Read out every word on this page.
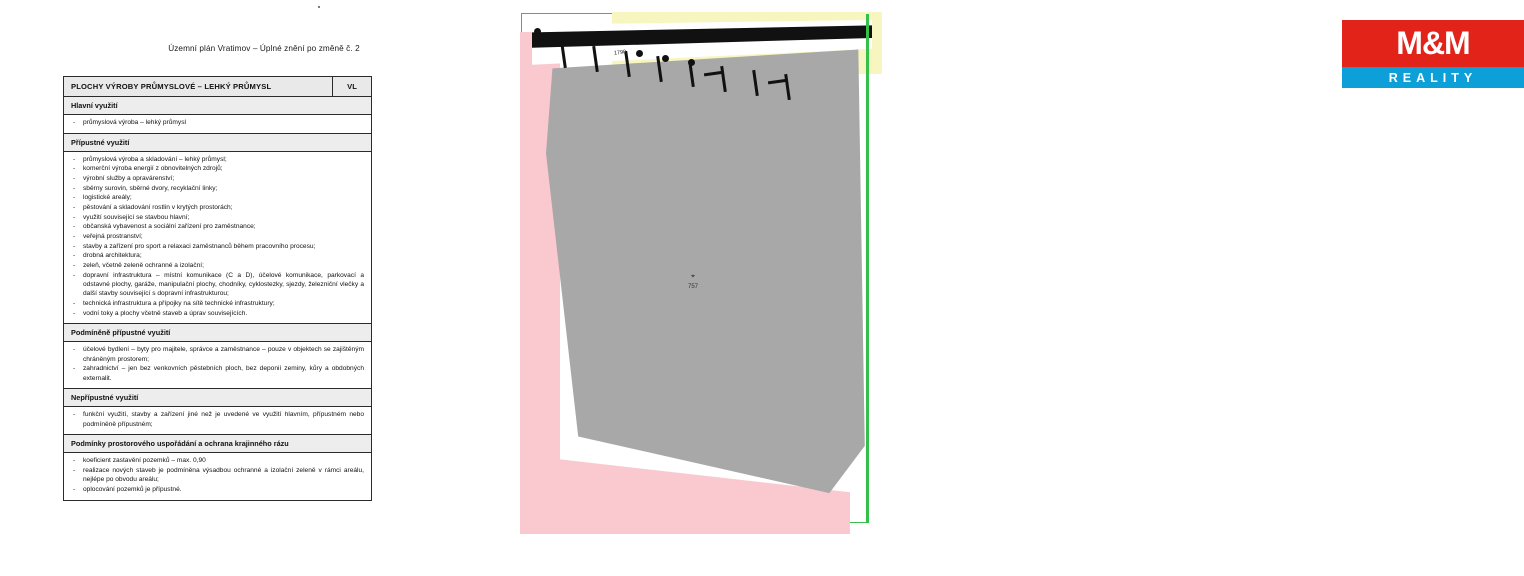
Územní plán Vratimov – Úplné znění po změně č. 2
PLOCHY VÝROBY PRŮMYSLOVÉ – LEHKÝ PRŮMYSL	VL
Hlavní využití
- průmyslová výroba – lehký průmysl
Přípustné využití
- průmyslová výroba a skladování – lehký průmysl;
- komerční výroba energií z obnovitelných zdrojů;
- výrobní služby a opravárenství;
- sběrny surovin, sběrné dvory, recyklační linky;
- logistické areály;
- pěstování a skladování rostlin v krytých prostorách;
- využití související se stavbou hlavní;
- občanská vybavenost a sociální zařízení pro zaměstnance;
- veřejná prostranství;
- stavby a zařízení pro sport a relaxaci zaměstnanců během pracovního procesu;
- drobná architektura;
- zeleň, včetně zeleně ochranné a izolační;
- dopravní infrastruktura – místní komunikace (C a D), účelové komunikace, parkovací a odstavné plochy, garáže, manipulační plochy, chodníky, cyklostezky, sjezdy, železniční vlečky a další stavby související s dopravní infrastrukturou;
- technická infrastruktura a přípojky na sítě technické infrastruktury;
- vodní toky a plochy včetně staveb a úprav souvisejících.
Podmíněně přípustné využití
- účelové bydlení – byty pro majitele, správce a zaměstnance – pouze v objektech se zajištěným chráněným prostorem;
- zahradnictví – jen bez venkovních pěstebních ploch, bez deponií zeminy, kůry a obdobných externalit.
Nepřípustné využití
- funkční využití, stavby a zařízení jiné než je uvedené ve využití hlavním, přípustném nebo podmíněně přípustném;
Podmínky prostorového uspořádání a ochrana krajinného rázu
- koeficient zastavění pozemků – max. 0,90
- realizace nových staveb je podmíněna výsadbou ochranné a izolační zeleně v rámci areálu, nejlépe po obvodu areálu;
- oplocování pozemků je přípustné.
1790
⌖
757
M&M
REALITY
